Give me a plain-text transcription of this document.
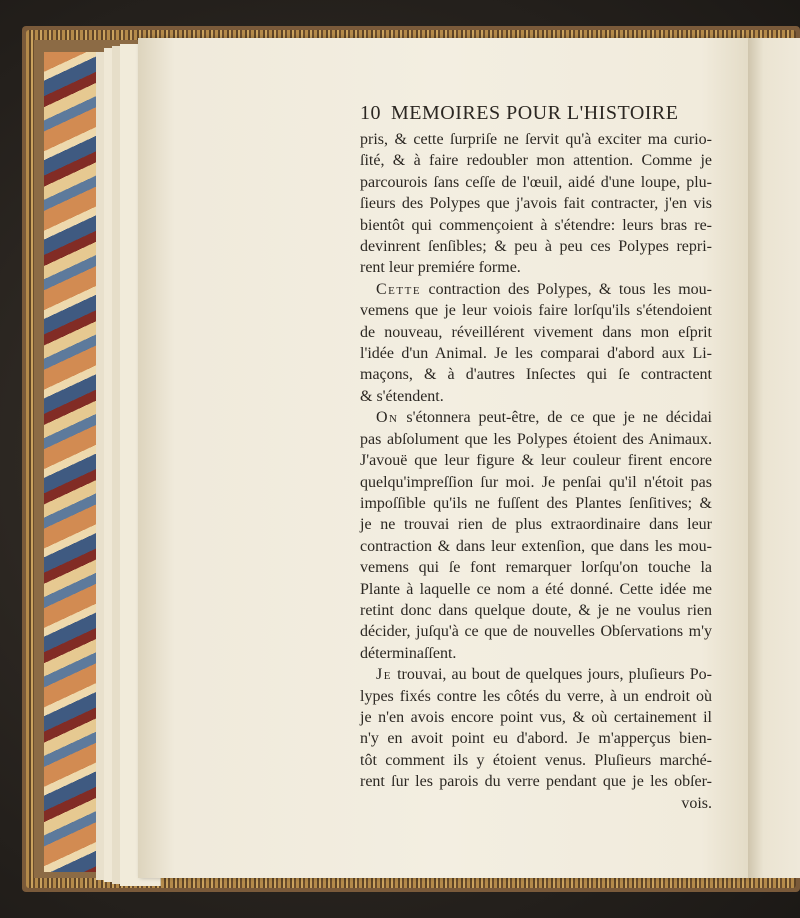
10 MEMOIRES POUR L'HISTOIRE
pris, & cette ſurpriſe ne ſervit qu'à exciter ma curio-
ſité, & à faire redoubler mon attention. Comme je
parcourois ſans ceſſe de l'œuil, aidé d'une loupe, plu-
ſieurs des Polypes que j'avois fait contracter, j'en vis
bientôt qui commençoient à s'étendre: leurs bras re-
devinrent ſenſibles; & peu à peu ces Polypes repri-
rent leur premiére forme.
 Cette contraction des Polypes, & tous les mou-
vemens que je leur voiois faire lorſqu'ils s'étendoient
de nouveau, réveillérent vivement dans mon eſprit
l'idée d'un Animal. Je les comparai d'abord aux Li-
maçons, & à d'autres Inſectes qui ſe contractent
& s'étendent.
 On s'étonnera peut-être, de ce que je ne décidai
pas abſolument que les Polypes étoient des Animaux.
J'avouë que leur figure & leur couleur firent encore
quelqu'impreſſion ſur moi. Je penſai qu'il n'étoit pas
impoſſible qu'ils ne fuſſent des Plantes ſenſitives; &
je ne trouvai rien de plus extraordinaire dans leur
contraction & dans leur extenſion, que dans les mou-
vemens qui ſe font remarquer lorſqu'on touche la
Plante à laquelle ce nom a été donné. Cette idée me
retint donc dans quelque doute, & je ne voulus rien
décider, juſqu'à ce que de nouvelles Obſervations m'y
déterminaſſent.
 Je trouvai, au bout de quelques jours, pluſieurs Po-
lypes fixés contre les côtés du verre, à un endroit où
je n'en avois encore point vus, & où certainement il
n'y en avoit point eu d'abord. Je m'apperçus bien-
tôt comment ils y étoient venus. Pluſieurs marché-
rent ſur les parois du verre pendant que je les obſer-
vois.
